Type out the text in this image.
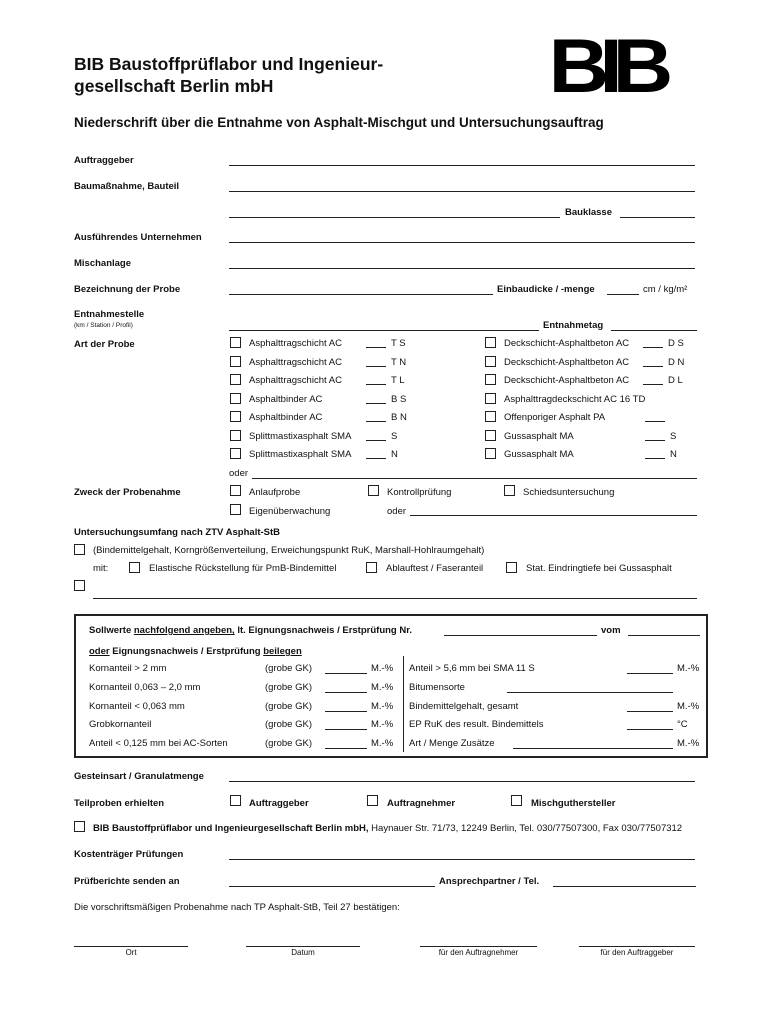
BIB Baustoffprüflabor und Ingenieur-
gesellschaft Berlin mbH	BIB
Niederschrift über die Entnahme von Asphalt-Mischgut und Untersuchungsauftrag
Auftraggeber
Baumaßnahme, Bauteil
Bauklasse
Ausführendes Unternehmen
Mischanlage
Bezeichnung der Probe	Einbaudicke / -menge	cm / kg/m²
Entnahmestelle
(km / Station / Profil)	Entnahmetag
Art der Probe	Asphalttragschicht AC	T S
Asphalttragschicht AC	T N
Asphalttragschicht AC	T L
Asphaltbinder AC	B S
Asphaltbinder AC	B N
Splittmastixasphalt SMA	S
Splittmastixasphalt SMA	N
Deckschicht-Asphaltbeton AC	D S
Deckschicht-Asphaltbeton AC	D N
Deckschicht-Asphaltbeton AC	D L
Asphalttragdeckschicht AC 16 TD
Offenporiger Asphalt PA
Gussasphalt MA	S
Gussasphalt MA	N
oder
Zweck der Probenahme	Anlaufprobe	Kontrollprüfung	Schiedsuntersuchung
Eigenüberwachung	oder
Untersuchungsumfang nach ZTV Asphalt-StB
(Bindemittelgehalt, Korngrößenverteilung, Erweichungspunkt RuK, Marshall-Hohlraumgehalt)
mit:	Elastische Rückstellung für PmB-Bindemittel	Ablauftest / Faseranteil	Stat. Eindringtiefe bei Gussasphalt
Sollwerte nachfolgend angeben, lt. Eignungsnachweis / Erstprüfung Nr.	vom
oder Eignungsnachweis / Erstprüfung beilegen
Kornanteil > 2 mm	(grobe GK)	M.-%
Kornanteil 0,063 – 2,0 mm	(grobe GK)	M.-%
Kornanteil < 0,063 mm	(grobe GK)	M.-%
Grobkornanteil	(grobe GK)	M.-%
Anteil < 0,125 mm bei AC-Sorten	(grobe GK)	M.-%
Anteil > 5,6 mm bei SMA 11 S	M.-%
Bitumensorte
Bindemittelgehalt, gesamt	M.-%
EP RuK des result. Bindemittels	°C
Art / Menge Zusätze	M.-%
Gesteinsart / Granulatmenge
Teilproben erhielten	Auftraggeber	Auftragnehmer	Mischguthersteller
BIB Baustoffprüflabor und Ingenieurgesellschaft Berlin mbH, Haynauer Str. 71/73, 12249 Berlin, Tel. 030/77507300, Fax 030/77507312
Kostenträger Prüfungen
Prüfberichte senden an	Ansprechpartner / Tel.
Die vorschriftsmäßigen Probenahme nach TP Asphalt-StB, Teil 27 bestätigen:
Ort	Datum	für den Auftragnehmer	für den Auftraggeber
